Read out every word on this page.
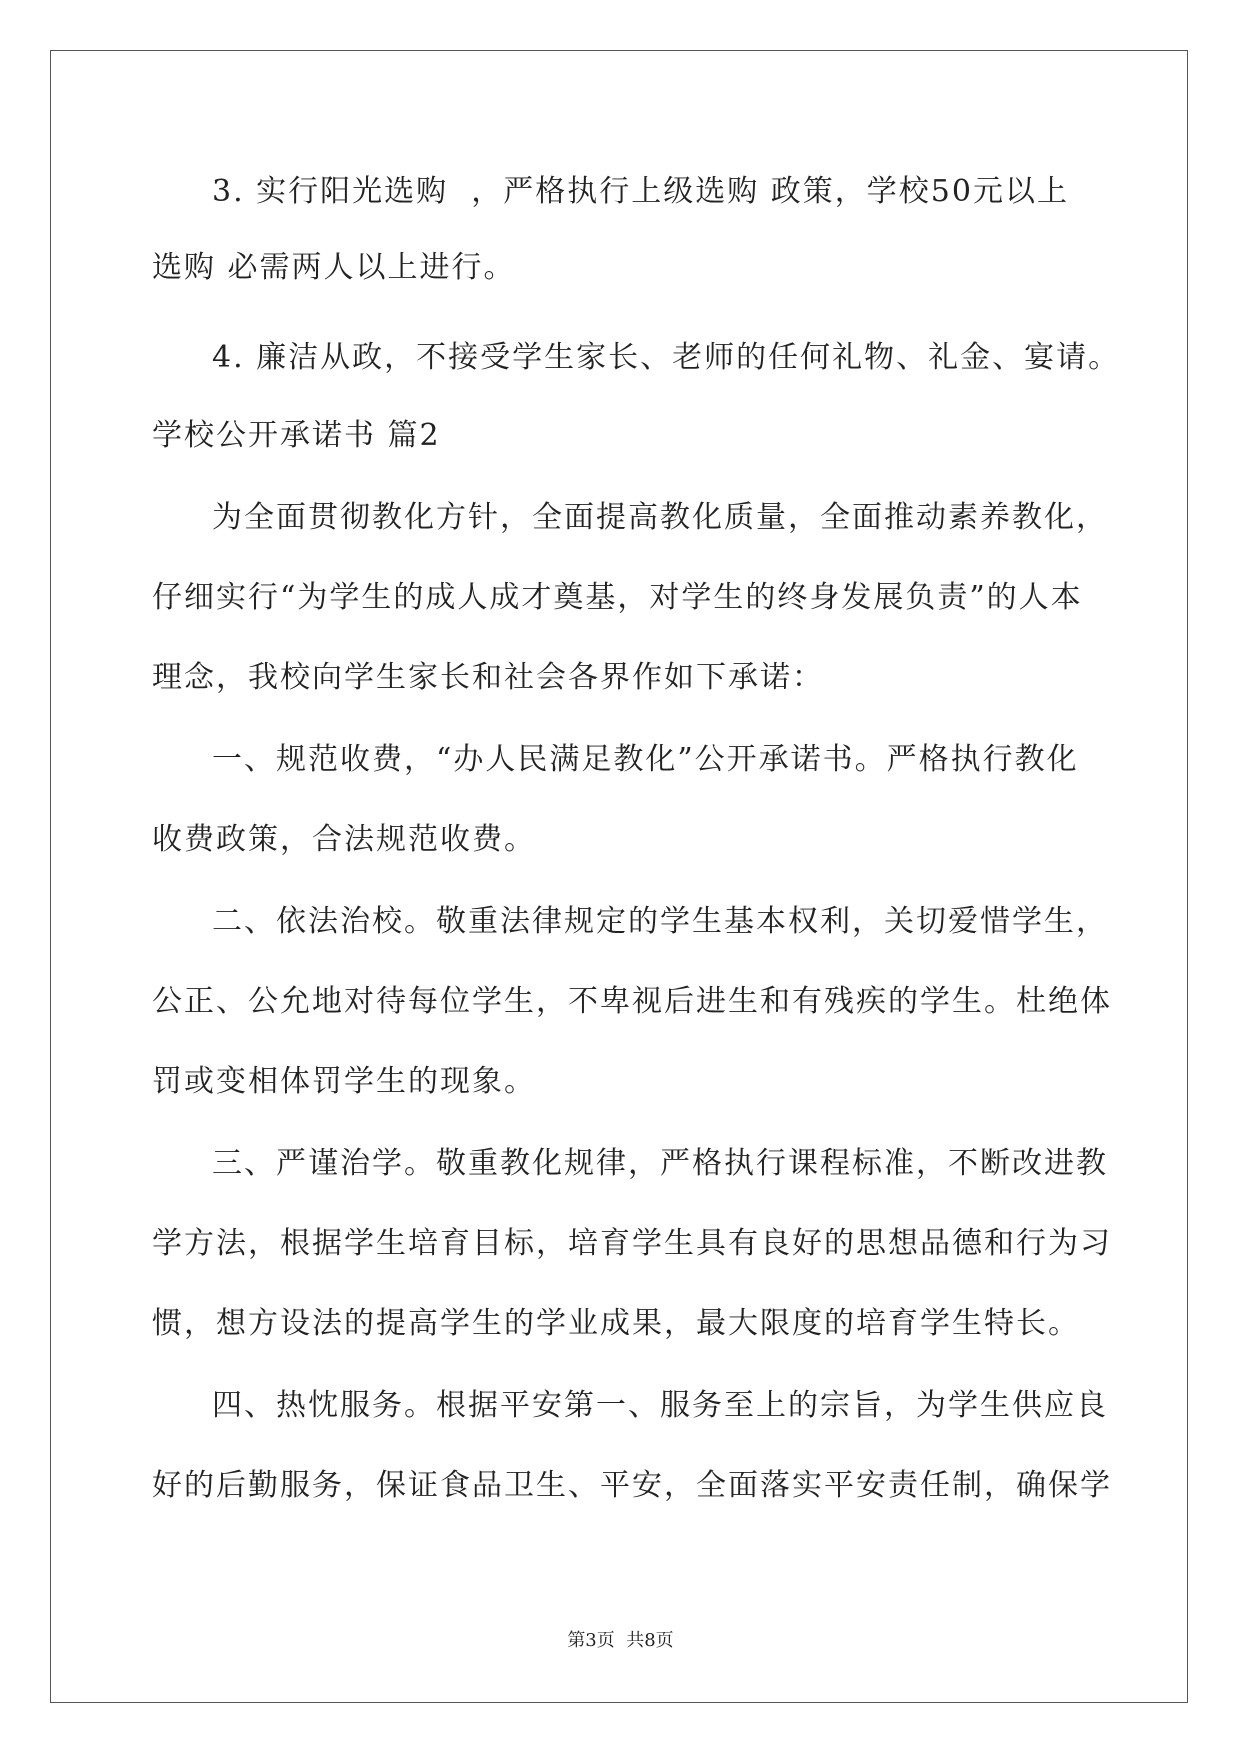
3. 实行阳光选购  ，严格执行上级选购 政策，学校50元以上

选购 必需两人以上进行。

4. 廉洁从政，不接受学生家长、老师的任何礼物、礼金、宴请。

学校公开承诺书 篇2

为全面贯彻教化方针，全面提高教化质量，全面推动素养教化，

仔细实行“为学生的成人成才奠基，对学生的终身发展负责”的人本

理念，我校向学生家长和社会各界作如下承诺：

一、规范收费，“办人民满足教化”公开承诺书。严格执行教化

收费政策，合法规范收费。

二、依法治校。敬重法律规定的学生基本权利，关切爱惜学生，

公正、公允地对待每位学生，不卑视后进生和有残疾的学生。杜绝体

罚或变相体罚学生的现象。

三、严谨治学。敬重教化规律，严格执行课程标准，不断改进教

学方法，根据学生培育目标，培育学生具有良好的思想品德和行为习

惯，想方设法的提高学生的学业成果，最大限度的培育学生特长。

四、热忱服务。根据平安第一、服务至上的宗旨，为学生供应良

好的后勤服务，保证食品卫生、平安，全面落实平安责任制，确保学

第3页  共8页
